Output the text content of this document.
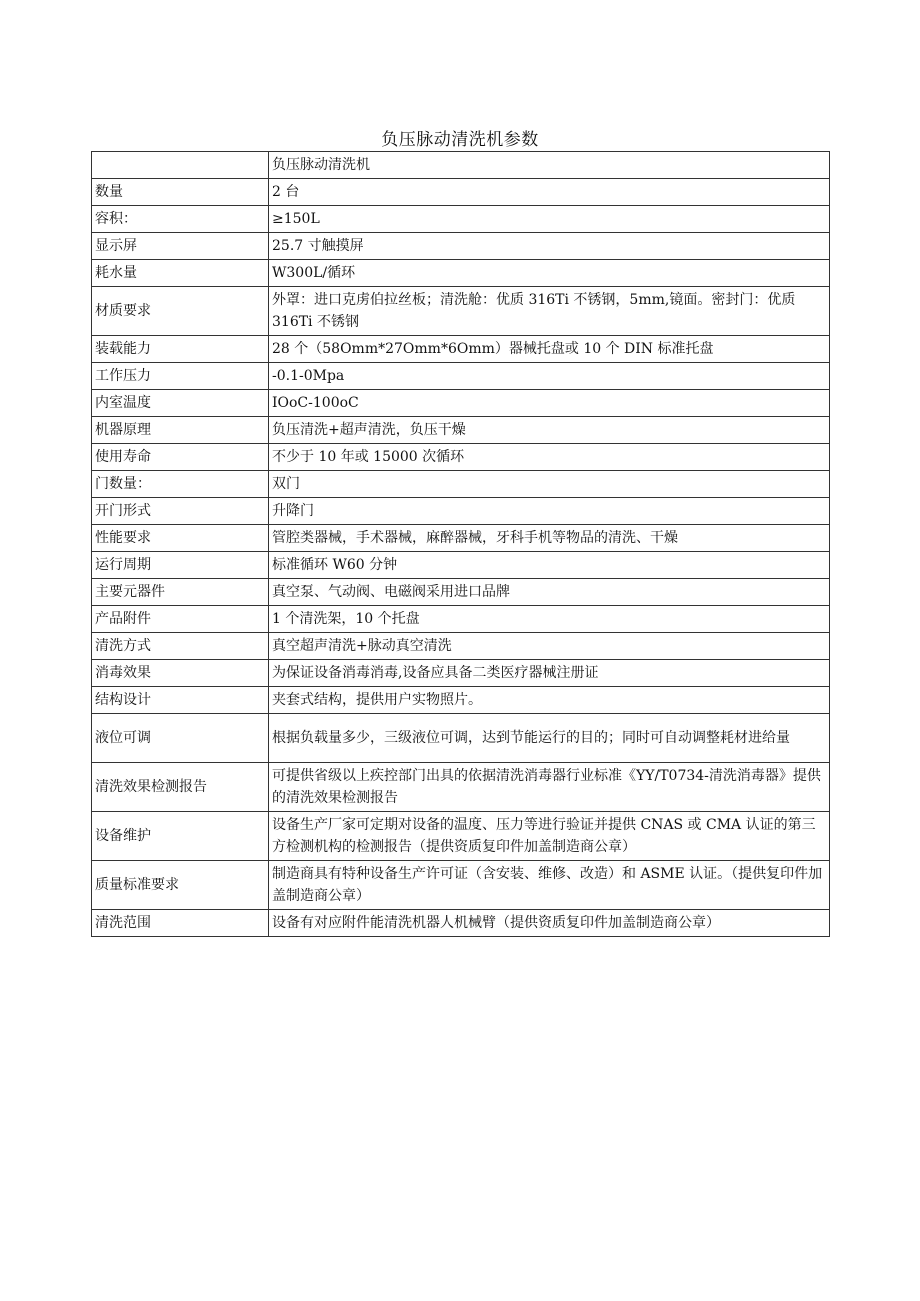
负压脉动清洗机参数
	负压脉动清洗机
数量	2 台
容积：	≥150L
显示屏	25.7 寸触摸屏
耗水量	W300L/循环
材质要求	外罩：进口克虏伯拉丝板；清洗舱：优质 316Ti 不锈钢，5mm,镜面。密封门：优质 316Ti 不锈钢
装载能力	28 个（58Omm*27Omm*6Omm）器械托盘或 10 个 DIN 标准托盘
工作压力	-0.1-0Mpa
内室温度	IOoC-100oC
机器原理	负压清洗+超声清洗，负压干燥
使用寿命	不少于 10 年或 15000 次循环
门数量：	双门
开门形式	升降门
性能要求	管腔类器械，手术器械，麻醉器械，牙科手机等物品的清洗、干燥
运行周期	标准循环 W60 分钟
主要元器件	真空泵、气动阀、电磁阀采用进口品牌
产品附件	1 个清洗架，10 个托盘
清洗方式	真空超声清洗+脉动真空清洗
消毒效果	为保证设备消毒消毒,设备应具备二类医疗器械注册证
结构设计	夹套式结构，提供用户实物照片。
液位可调	根据负载量多少，三级液位可调，达到节能运行的目的；同时可自动调整耗材进给量
清洗效果检测报告	可提供省级以上疾控部门出具的依据清洗消毒器行业标准《YY/T0734-清洗消毒器》提供的清洗效果检测报告
设备维护	设备生产厂家可定期对设备的温度、压力等进行验证并提供 CNAS 或 CMA 认证的第三方检测机构的检测报告（提供资质复印件加盖制造商公章）
质量标准要求	制造商具有特种设备生产许可证（含安装、维修、改造）和 ASME 认证。（提供复印件加盖制造商公章）
清洗范围	设备有对应附件能清洗机器人机械臂（提供资质复印件加盖制造商公章）
